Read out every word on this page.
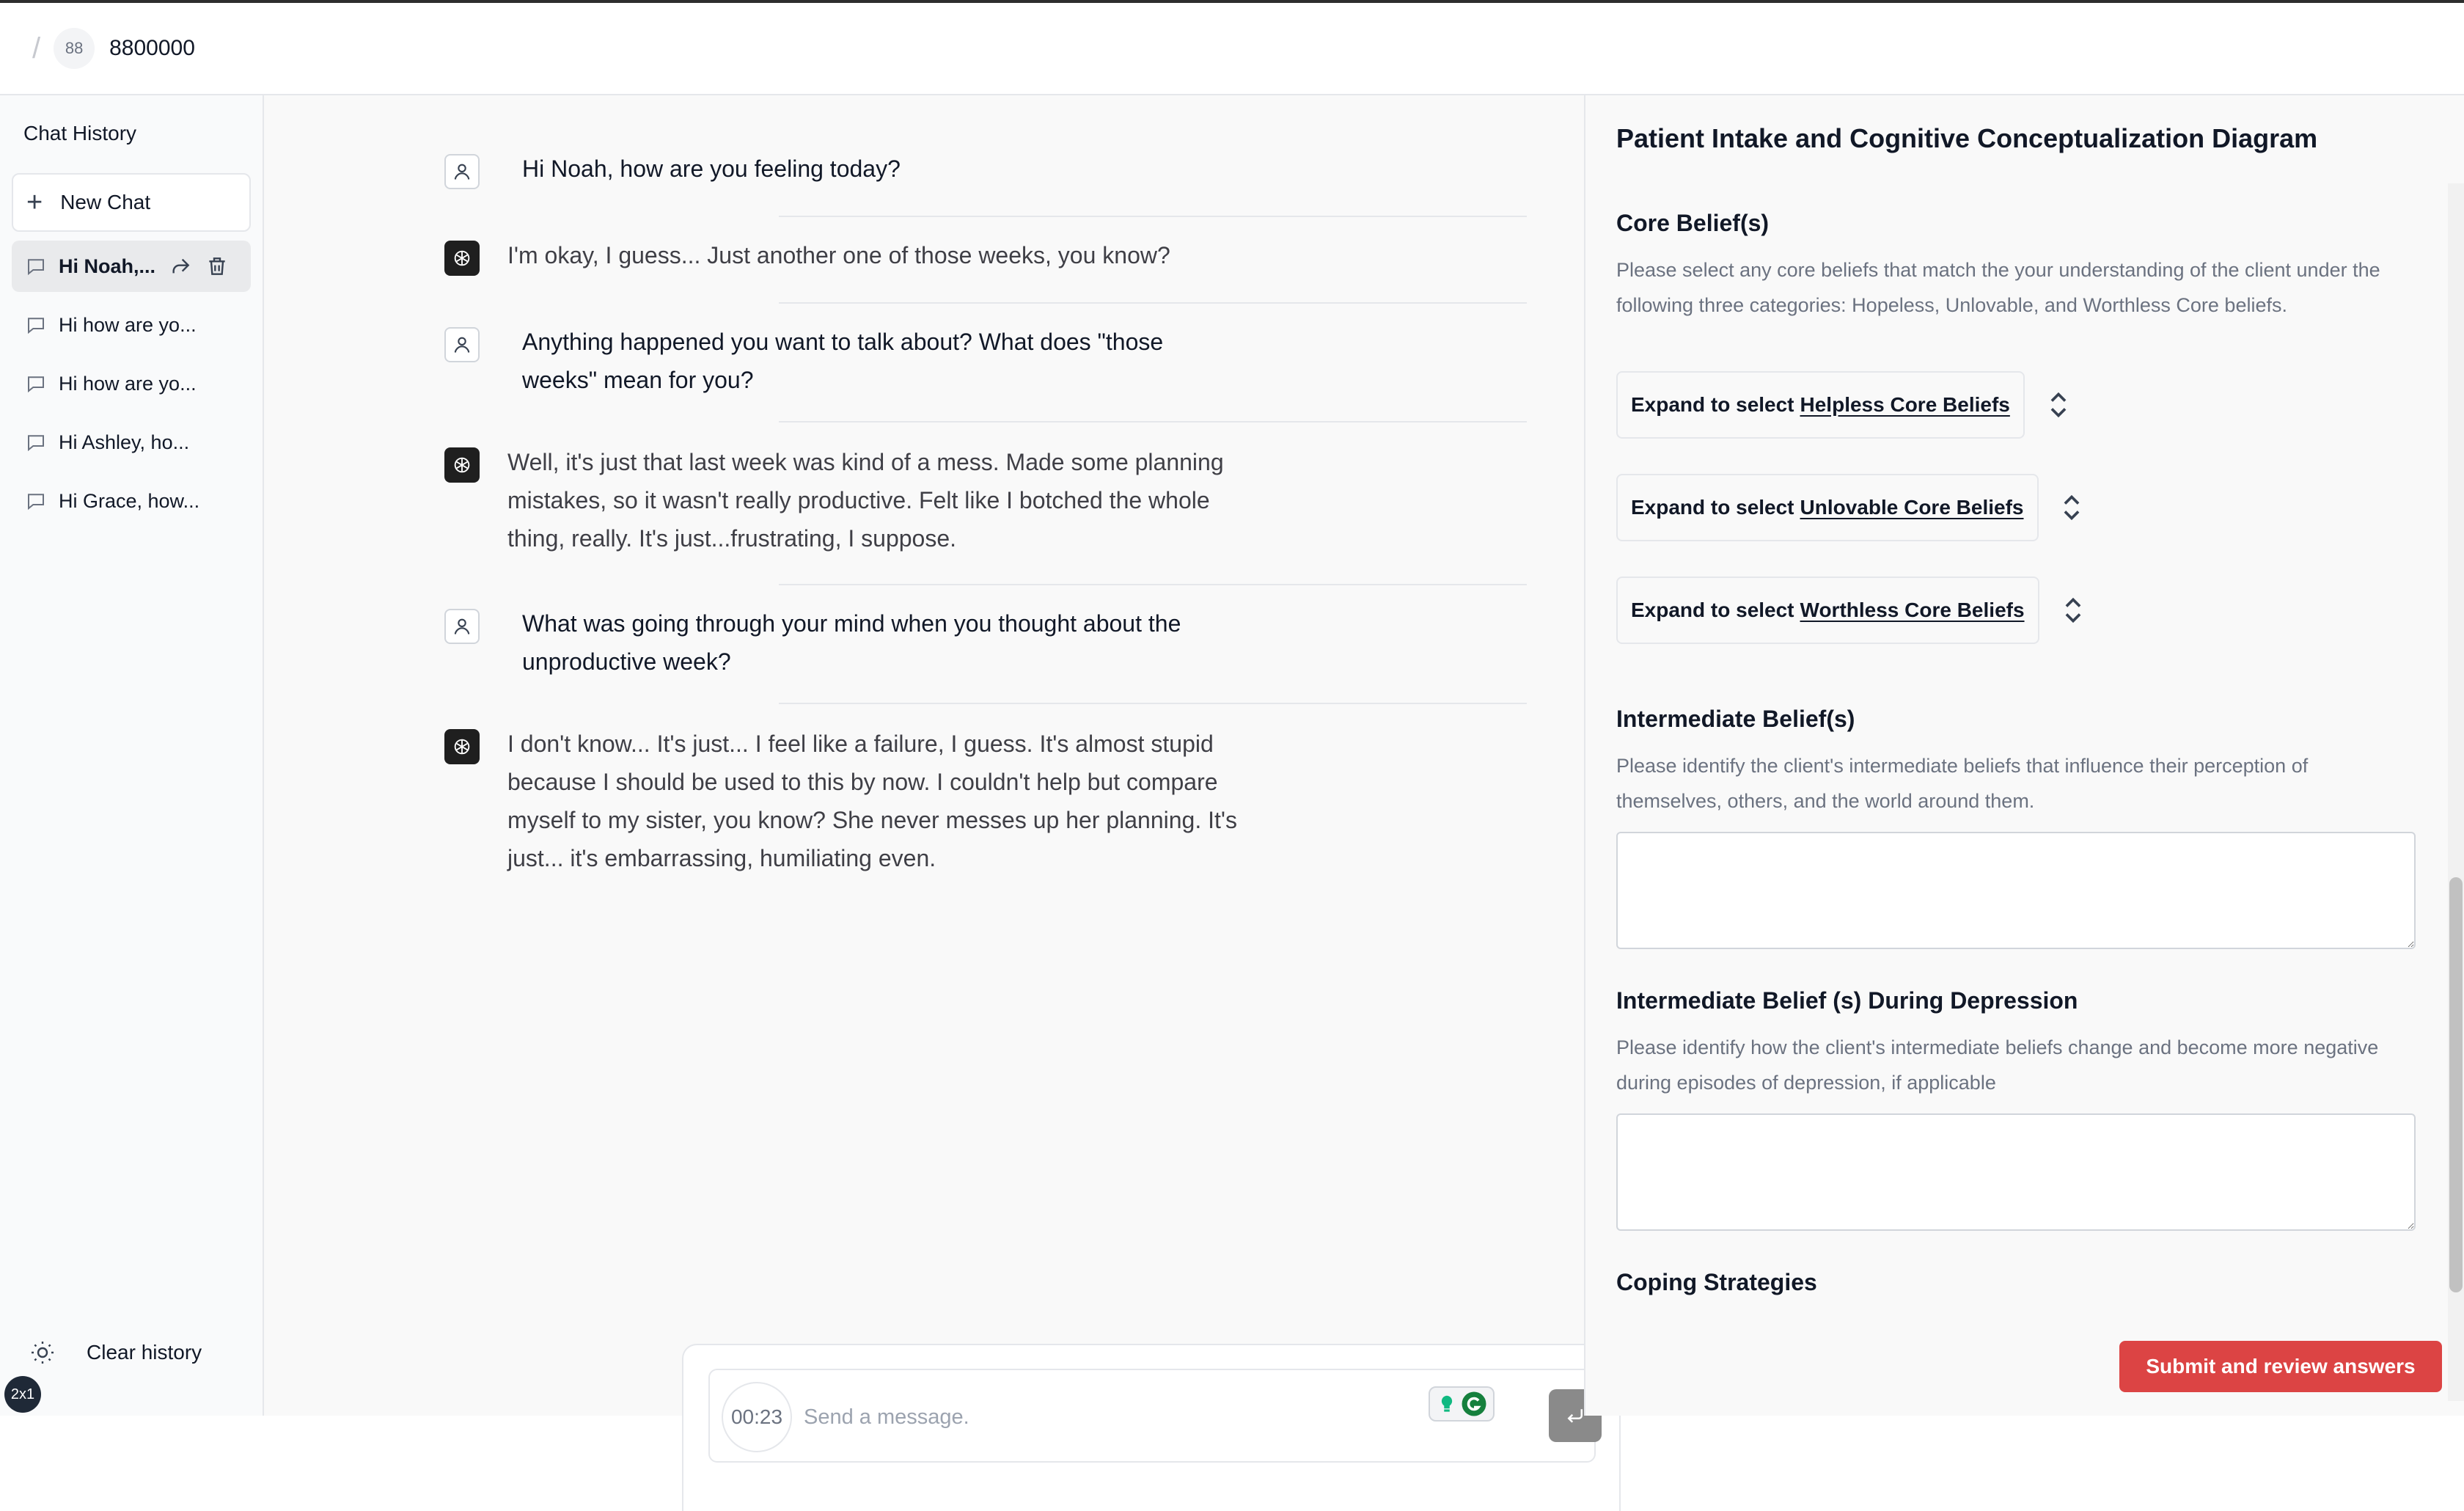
/	88	8800000
Chat History
+ New Chat
Hi Noah,...
Hi how are yo...
Hi how are yo...
Hi Ashley, ho...
Hi Grace, how...
Clear history
2x1
Hi Noah, how are you feeling today?
I'm okay, I guess... Just another one of those weeks, you know?
Anything happened you want to talk about? What does "those weeks" mean for you?
Well, it's just that last week was kind of a mess. Made some planning mistakes, so it wasn't really productive. Felt like I botched the whole thing, really. It's just...frustrating, I suppose.
What was going through your mind when you thought about the unproductive week?
I don't know... It's just... I feel like a failure, I guess. It's almost stupid because I should be used to this by now. I couldn't help but compare myself to my sister, you know? She never messes up her planning. It's just... it's embarrassing, humiliating even.
00:23
Send a message.
Patient Intake and Cognitive Conceptualization Diagram
Core Belief(s)
Please select any core beliefs that match the your understanding of the client under the following three categories: Hopeless, Unlovable, and Worthless Core beliefs.
Expand to select Helpless Core Beliefs
Expand to select Unlovable Core Beliefs
Expand to select Worthless Core Beliefs
Intermediate Belief(s)
Please identify the client's intermediate beliefs that influence their perception of themselves, others, and the world around them.
Intermediate Belief (s) During Depression
Please identify how the client's intermediate beliefs change and become more negative during episodes of depression, if applicable
Coping Strategies
Submit and review answers
